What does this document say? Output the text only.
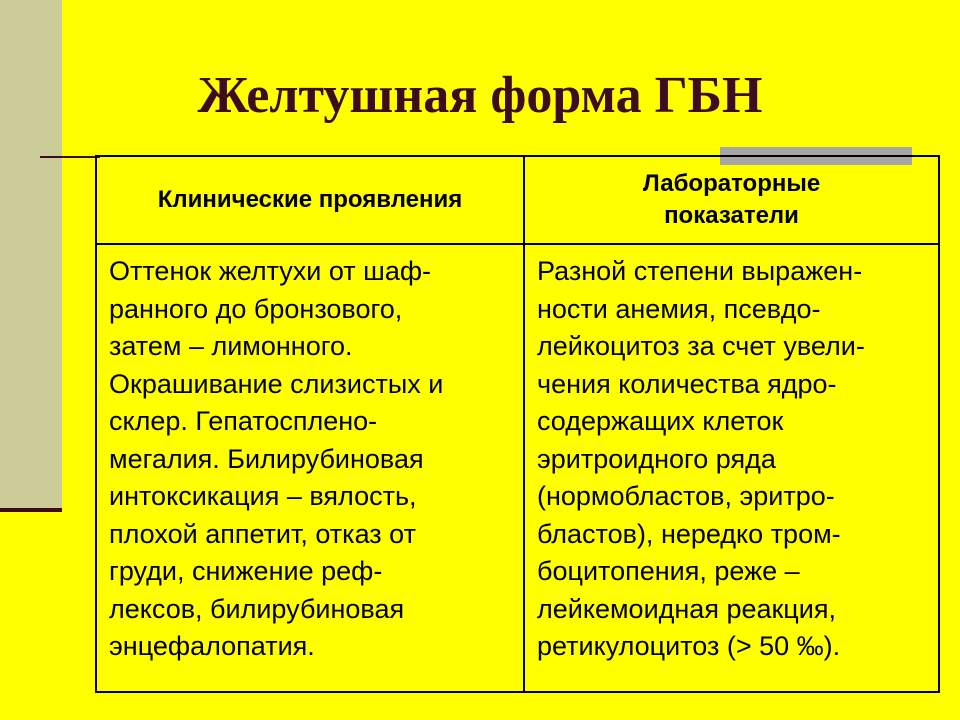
Желтушная форма ГБН
Клинические проявления
Лабораторные
показатели
Оттенок желтухи от шаф-
ранного до бронзового,
затем – лимонного.
Окрашивание слизистых и
склер. Гепатосплено-
мегалия. Билирубиновая
интоксикация – вялость,
плохой аппетит, отказ от
груди, снижение реф-
лексов, билирубиновая
энцефалопатия.
Разной степени выражен-
ности анемия, псевдо-
лейкоцитоз за счет увели-
чения количества ядро-
содержащих клеток
эритроидного ряда
(нормобластов, эритро-
бластов), нередко тром-
боцитопения, реже –
лейкемоидная реакция,
ретикулоцитоз (> 50 ‰).
